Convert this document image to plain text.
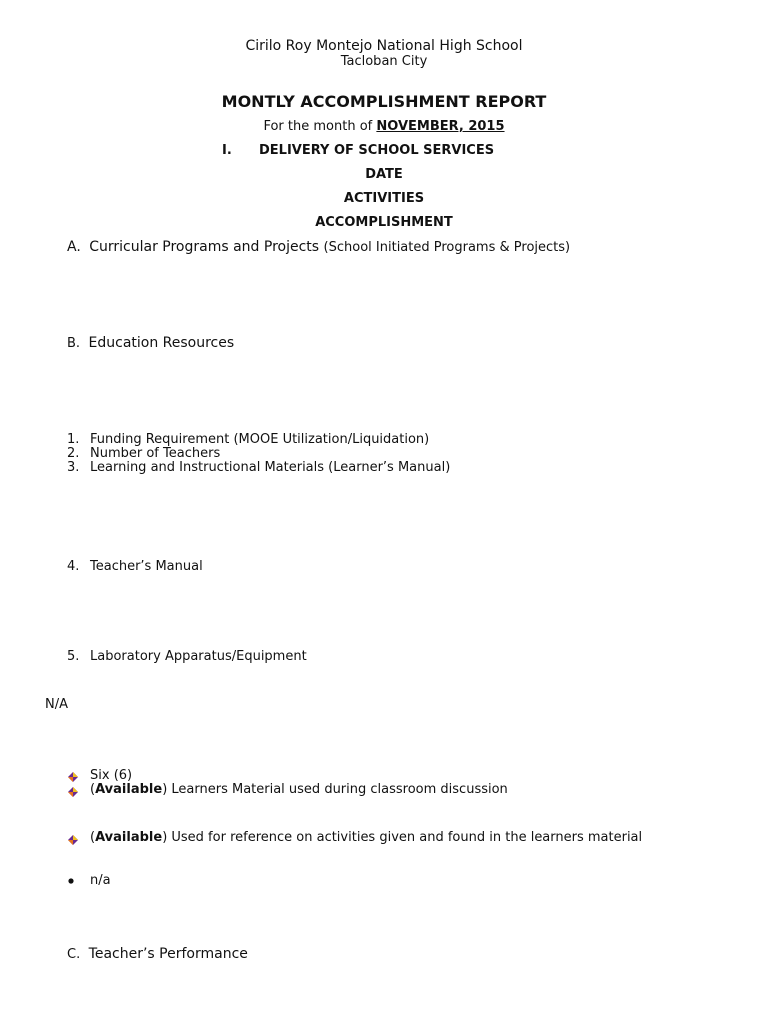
Cirilo Roy Montejo National High School
Tacloban City
MONTLY ACCOMPLISHMENT REPORT
For the month of NOVEMBER, 2015
I. DELIVERY OF SCHOOL SERVICES
DATE
ACTIVITIES
ACCOMPLISHMENT
A. Curricular Programs and Projects (School Initiated Programs & Projects)
B. Education Resources
1. Funding Requirement (MOOE Utilization/Liquidation)
2. Number of Teachers
3. Learning and Instructional Materials (Learner’s Manual)
4. Teacher’s Manual
5. Laboratory Apparatus/Equipment
N/A
Six (6)
(Available) Learners Material used during classroom discussion
(Available) Used for reference on activities given and found in the learners material
n/a
C. Teacher’s Performance
